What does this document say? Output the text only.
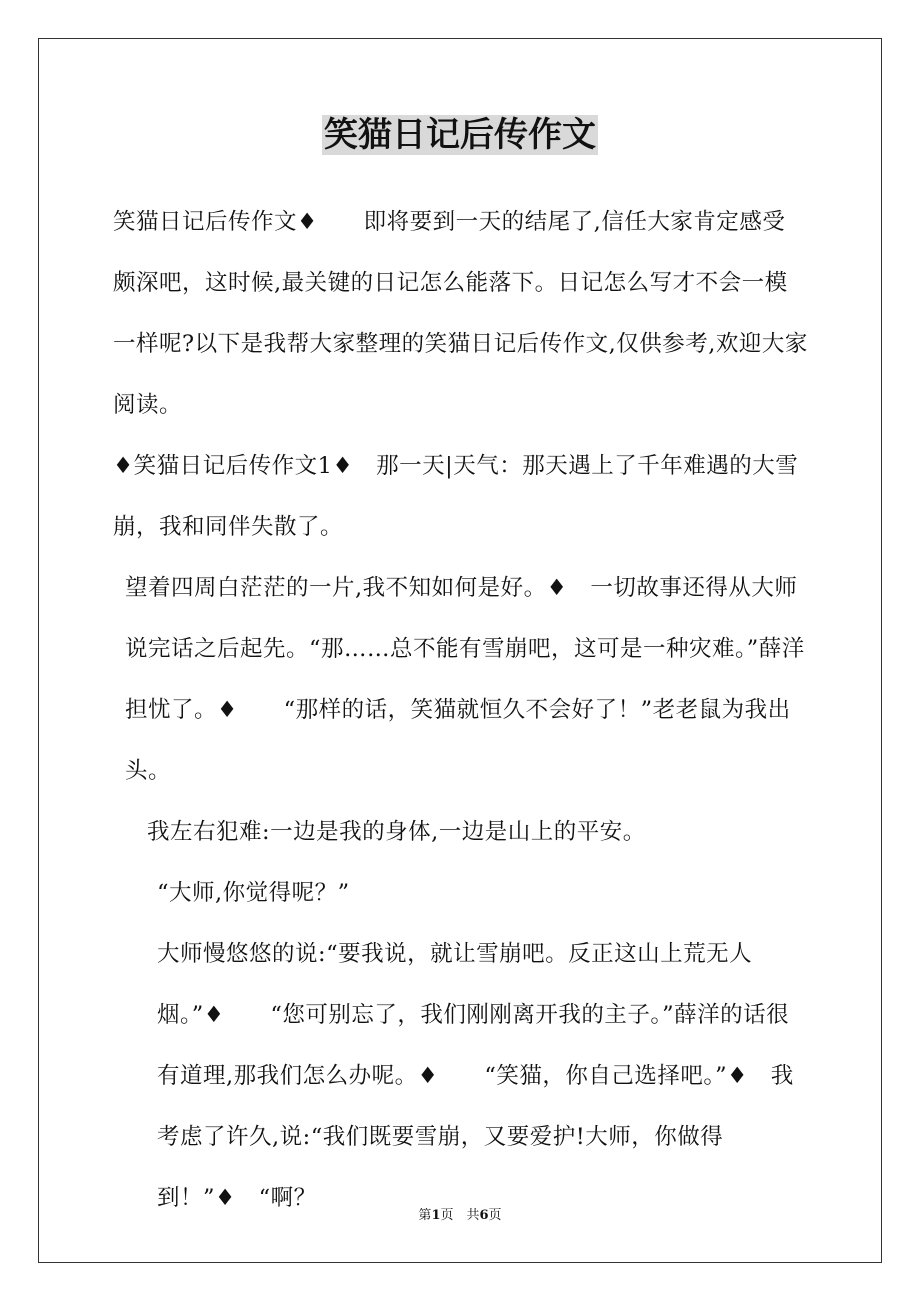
笑猫日记后传作文

笑猫日记后传作文♦　　即将要到一天的结尾了,信任大家肯定感受颇深吧，这时候,最关键的日记怎么能落下。日记怎么写才不会一模一样呢?以下是我帮大家整理的笑猫日记后传作文,仅供参考,欢迎大家阅读。

♦笑猫日记后传作文1♦　那一天|天气：那天遇上了千年难遇的大雪崩，我和同伴失散了。

望着四周白茫茫的一片,我不知如何是好。♦　一切故事还得从大师说完话之后起先。“那……总不能有雪崩吧，这可是一种灾难。”薛洋担忧了。♦　　“那样的话，笑猫就恒久不会好了！”老老鼠为我出头。

我左右犯难:一边是我的身体,一边是山上的平安。

“大师,你觉得呢？”

大师慢悠悠的说:“要我说，就让雪崩吧。反正这山上荒无人烟。”♦　　“您可别忘了，我们刚刚离开我的主子。”薛洋的话很有道理,那我们怎么办呢。♦　　“笑猫，你自己选择吧。”♦　我考虑了许久,说:“我们既要雪崩，又要爱护!大师，你做得到！”♦　“啊？

第1页　共6页
